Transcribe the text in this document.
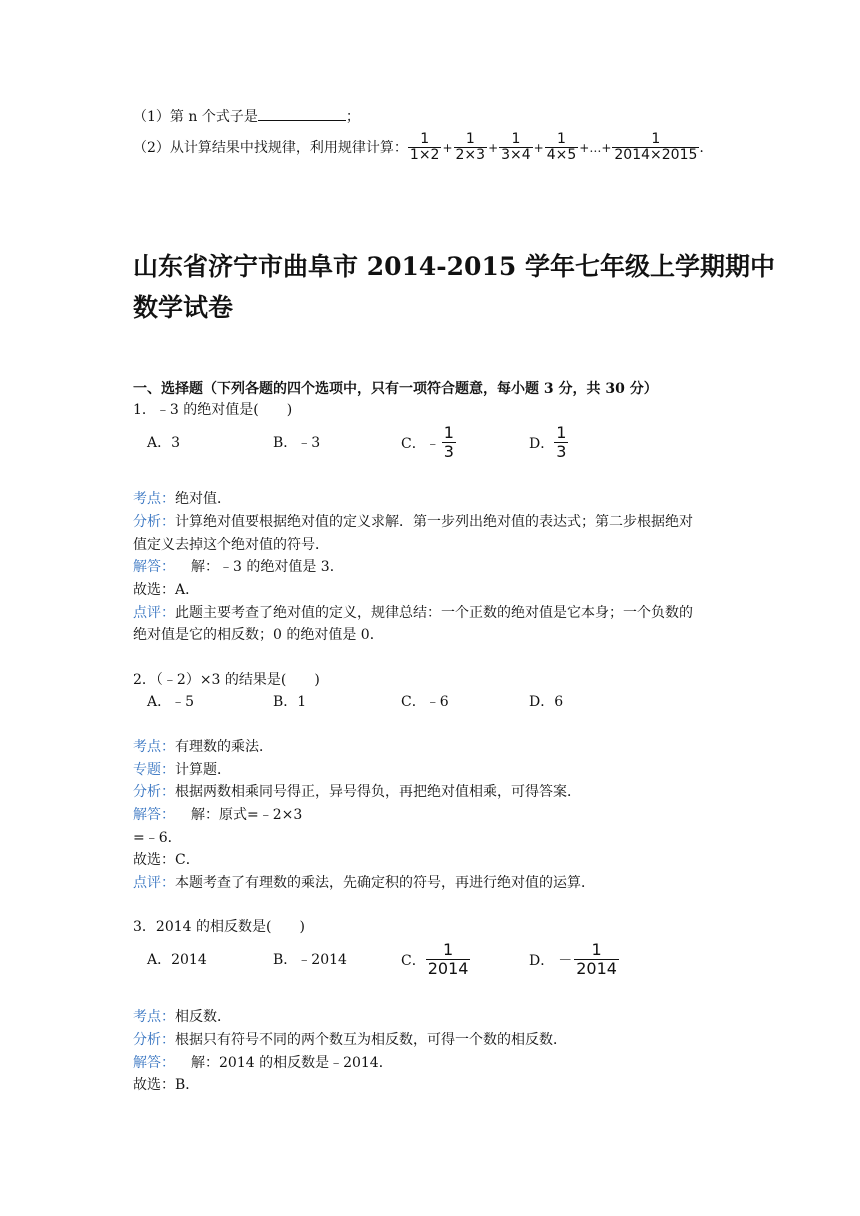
（1）第 n 个式子是	；
（2）从计算结果中找规律，利用规律计算： $\frac{1}{1\times 2} + \frac{1}{2\times 3} + \frac{1}{3\times 4} + \frac{1}{4\times 5}$ +…+ $\frac{1}{2014\times 2015}$ .
山东省济宁市曲阜市 2014-2015 学年七年级上学期期中
数学试卷
一、选择题（下列各题的四个选项中，只有一项符合题意，每小题 3 分，共 30 分）
1．﹣3 的绝对值是(　　)
A．3	B．﹣3	C． ﹣ $\frac{1}{3}$	D． $\frac{1}{3}$
考点：绝对值．
分析：计算绝对值要根据绝对值的定义求解．第一步列出绝对值的表达式；第二步根据绝对
值定义去掉这个绝对值的符号．
解答： 解：﹣3 的绝对值是 3．
故选：A．
点评：此题主要考查了绝对值的定义，规律总结：一个正数的绝对值是它本身；一个负数的
绝对值是它的相反数；0 的绝对值是 0．
2．（﹣2）×3 的结果是(　　)
A．﹣5	B．1	C．﹣6	D．6
考点：有理数的乘法．
专题：计算题．
分析：根据两数相乘同号得正，异号得负，再把绝对值相乘，可得答案．
解答： 解：原式=﹣2×3
=﹣6．
故选：C．
点评：本题考查了有理数的乘法，先确定积的符号，再进行绝对值的运算．
3．2014 的相反数是(　　)
A．2014	B．﹣2014	C． $\frac{1}{2014}$	D． － $\frac{1}{2014}$
考点：相反数．
分析：根据只有符号不同的两个数互为相反数，可得一个数的相反数．
解答： 解：2014 的相反数是﹣2014．
故选：B．
